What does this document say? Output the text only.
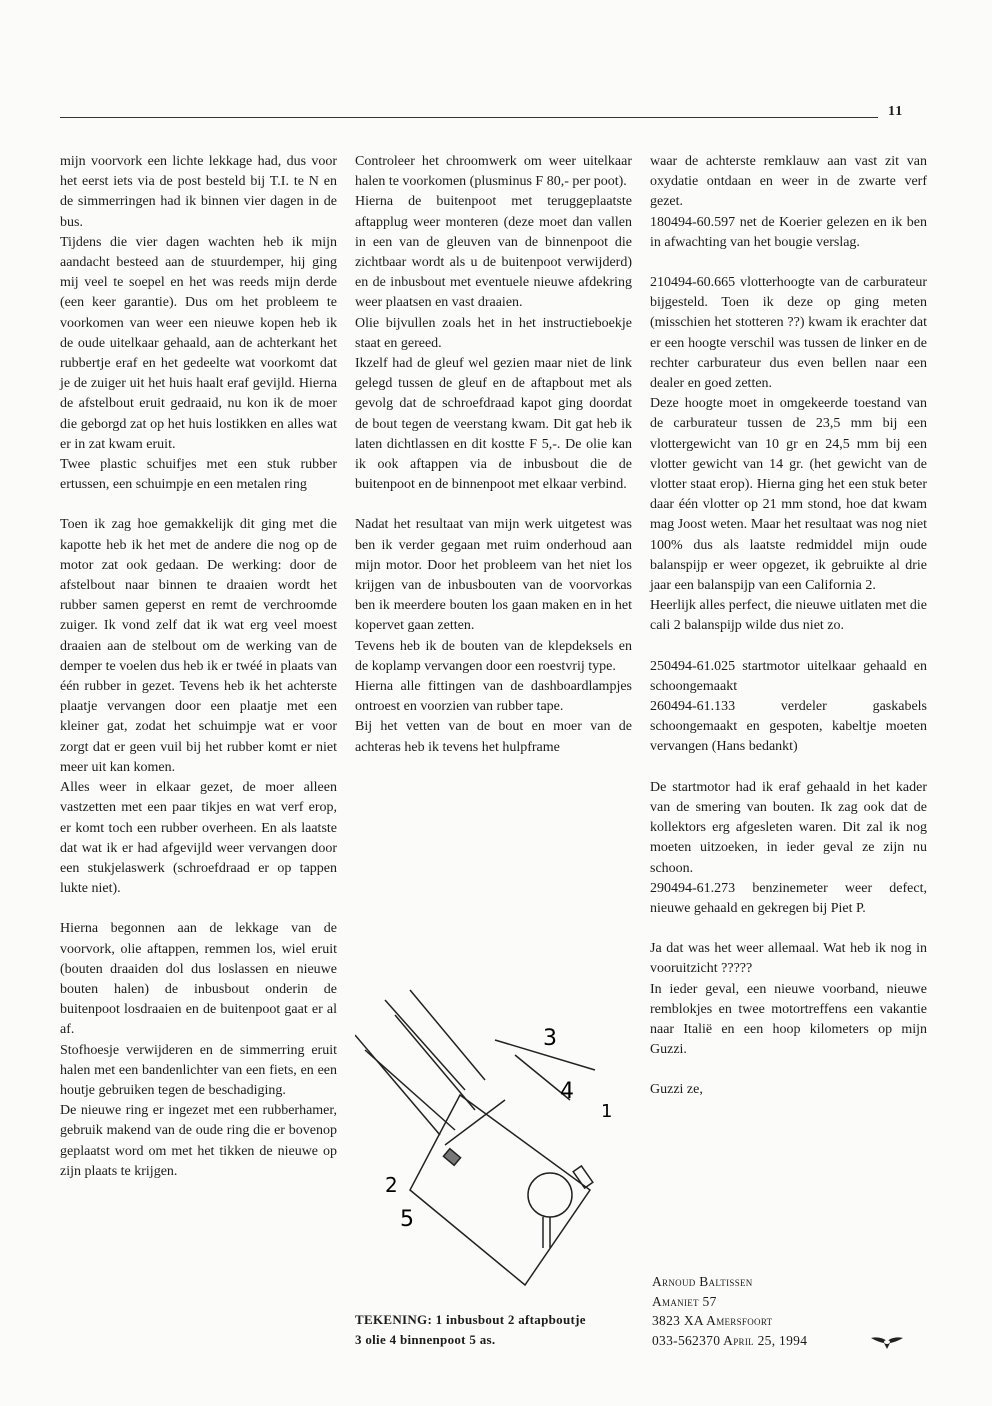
11

mijn voorvork een lichte lekkage had, dus voor het eerst iets via de post besteld bij T.I. te N en de simmerringen had ik binnen vier dagen in de bus.

Tijdens die vier dagen wachten heb ik mijn aandacht besteed aan de stuurdemper, hij ging mij veel te soepel en het was reeds mijn derde (een keer garantie). Dus om het probleem te voorkomen van weer een nieuwe kopen heb ik de oude uitelkaar gehaald, aan de achterkant het rubbertje eraf en het gedeelte wat voorkomt dat je de zuiger uit het huis haalt eraf gevijld. Hierna de afstelbout eruit gedraaid, nu kon ik de moer die geborgd zat op het huis lostikken en alles wat er in zat kwam eruit.

Twee plastic schuifjes met een stuk rubber ertussen, een schuimpje en een metalen ring

Toen ik zag hoe gemakkelijk dit ging met die kapotte heb ik het met de andere die nog op de motor zat ook gedaan. De werking: door de afstelbout naar binnen te draaien wordt het rubber samen geperst en remt de verchroomde zuiger. Ik vond zelf dat ik wat erg veel moest draaien aan de stelbout om de werking van de demper te voelen dus heb ik er twéé in plaats van één rubber in gezet. Tevens heb ik het achterste plaatje vervangen door een plaatje met een kleiner gat, zodat het schuimpje wat er voor zorgt dat er geen vuil bij het rubber komt er niet meer uit kan komen.

Alles weer in elkaar gezet, de moer alleen vastzetten met een paar tikjes en wat verf erop, er komt toch een rubber overheen. En als laatste dat wat ik er had afgevijld weer vervangen door een stukjelaswerk (schroefdraad er op tappen lukte niet).

Hierna begonnen aan de lekkage van de voorvork, olie aftappen, remmen los, wiel eruit (bouten draaiden dol dus loslassen en nieuwe bouten halen) de inbusbout onderin de buitenpoot losdraaien en de buitenpoot gaat er al af.

Stofhoesje verwijderen en de simmerring eruit halen met een bandenlichter van een fiets, en een houtje gebruiken tegen de beschadiging.

De nieuwe ring er ingezet met een rubberhamer, gebruik makend van de oude ring die er bovenop geplaatst word om met het tikken de nieuwe op zijn plaats te krijgen.

Controleer het chroomwerk om weer uitelkaar halen te voorkomen (plusminus F 80,- per poot).

Hierna de buitenpoot met teruggeplaatste aftapplug weer monteren (deze moet dan vallen in een van de gleuven van de binnenpoot die zichtbaar wordt als u de buitenpoot verwijderd) en de inbusbout met eventuele nieuwe afdekring weer plaatsen en vast draaien.

Olie bijvullen zoals het in het instructieboekje staat en gereed.

Ikzelf had de gleuf wel gezien maar niet de link gelegd tussen de gleuf en de aftapbout met als gevolg dat de schroefdraad kapot ging doordat de bout tegen de veerstang kwam. Dit gat heb ik laten dichtlassen en dit kostte F 5,-. De olie kan ik ook aftappen via de inbusbout die de buitenpoot en de binnenpoot met elkaar verbind.

Nadat het resultaat van mijn werk uitgetest was ben ik verder gegaan met ruim onderhoud aan mijn motor. Door het probleem van het niet los krijgen van de inbusbouten van de voorvorkas ben ik meerdere bouten los gaan maken en in het kopervet gaan zetten.

Tevens heb ik de bouten van de klepdeksels en de koplamp vervangen door een roestvrij type.

Hierna alle fittingen van de dashboardlampjes ontroest en voorzien van rubber tape.

Bij het vetten van de bout en moer van de achteras heb ik tevens het hulpframe

waar de achterste remklauw aan vast zit van oxydatie ontdaan en weer in de zwarte verf gezet.

180494-60.597 net de Koerier gelezen en ik ben in afwachting van het bougie verslag.

210494-60.665 vlotterhoogte van de carburateur bijgesteld. Toen ik deze op ging meten (misschien het stotteren ??) kwam ik erachter dat er een hoogte verschil was tussen de linker en de rechter carburateur dus even bellen naar een dealer en goed zetten.

Deze hoogte moet in omgekeerde toestand van de carburateur tussen de 23,5 mm bij een vlottergewicht van 10 gr en 24,5 mm bij een vlotter gewicht van 14 gr. (het gewicht van de vlotter staat erop). Hierna ging het een stuk beter daar één vlotter op 21 mm stond, hoe dat kwam mag Joost weten. Maar het resultaat was nog niet 100% dus als laatste redmiddel mijn oude balanspijp er weer opgezet, ik gebruikte al drie jaar een balanspijp van een California 2.

Heerlijk alles perfect, die nieuwe uitlaten met die cali 2 balanspijp wilde dus niet zo.

250494-61.025 startmotor uitelkaar gehaald en schoongemaakt

260494-61.133 verdeler gaskabels schoongemaakt en gespoten, kabeltje moeten vervangen (Hans bedankt)

De startmotor had ik eraf gehaald in het kader van de smering van bouten. Ik zag ook dat de kollektors erg afgesleten waren. Dit zal ik nog moeten uitzoeken, in ieder geval ze zijn nu schoon.

290494-61.273 benzinemeter weer defect, nieuwe gehaald en gekregen bij Piet P.

Ja dat was het weer allemaal. Wat heb ik nog in vooruitzicht ?????

In ieder geval, een nieuwe voorband, nieuwe remblokjes en twee motortreffens een vakantie naar Italië en een hoop kilometers op mijn Guzzi.

Guzzi ze,

3
4
1
2
5
TEKENING: 1 inbusbout 2 aftapboutje
3 olie 4 binnenpoot 5 as.
Arnoud Baltissen
Amaniet 57
3823 XA Amersfoort
033-562370 April 25, 1994
